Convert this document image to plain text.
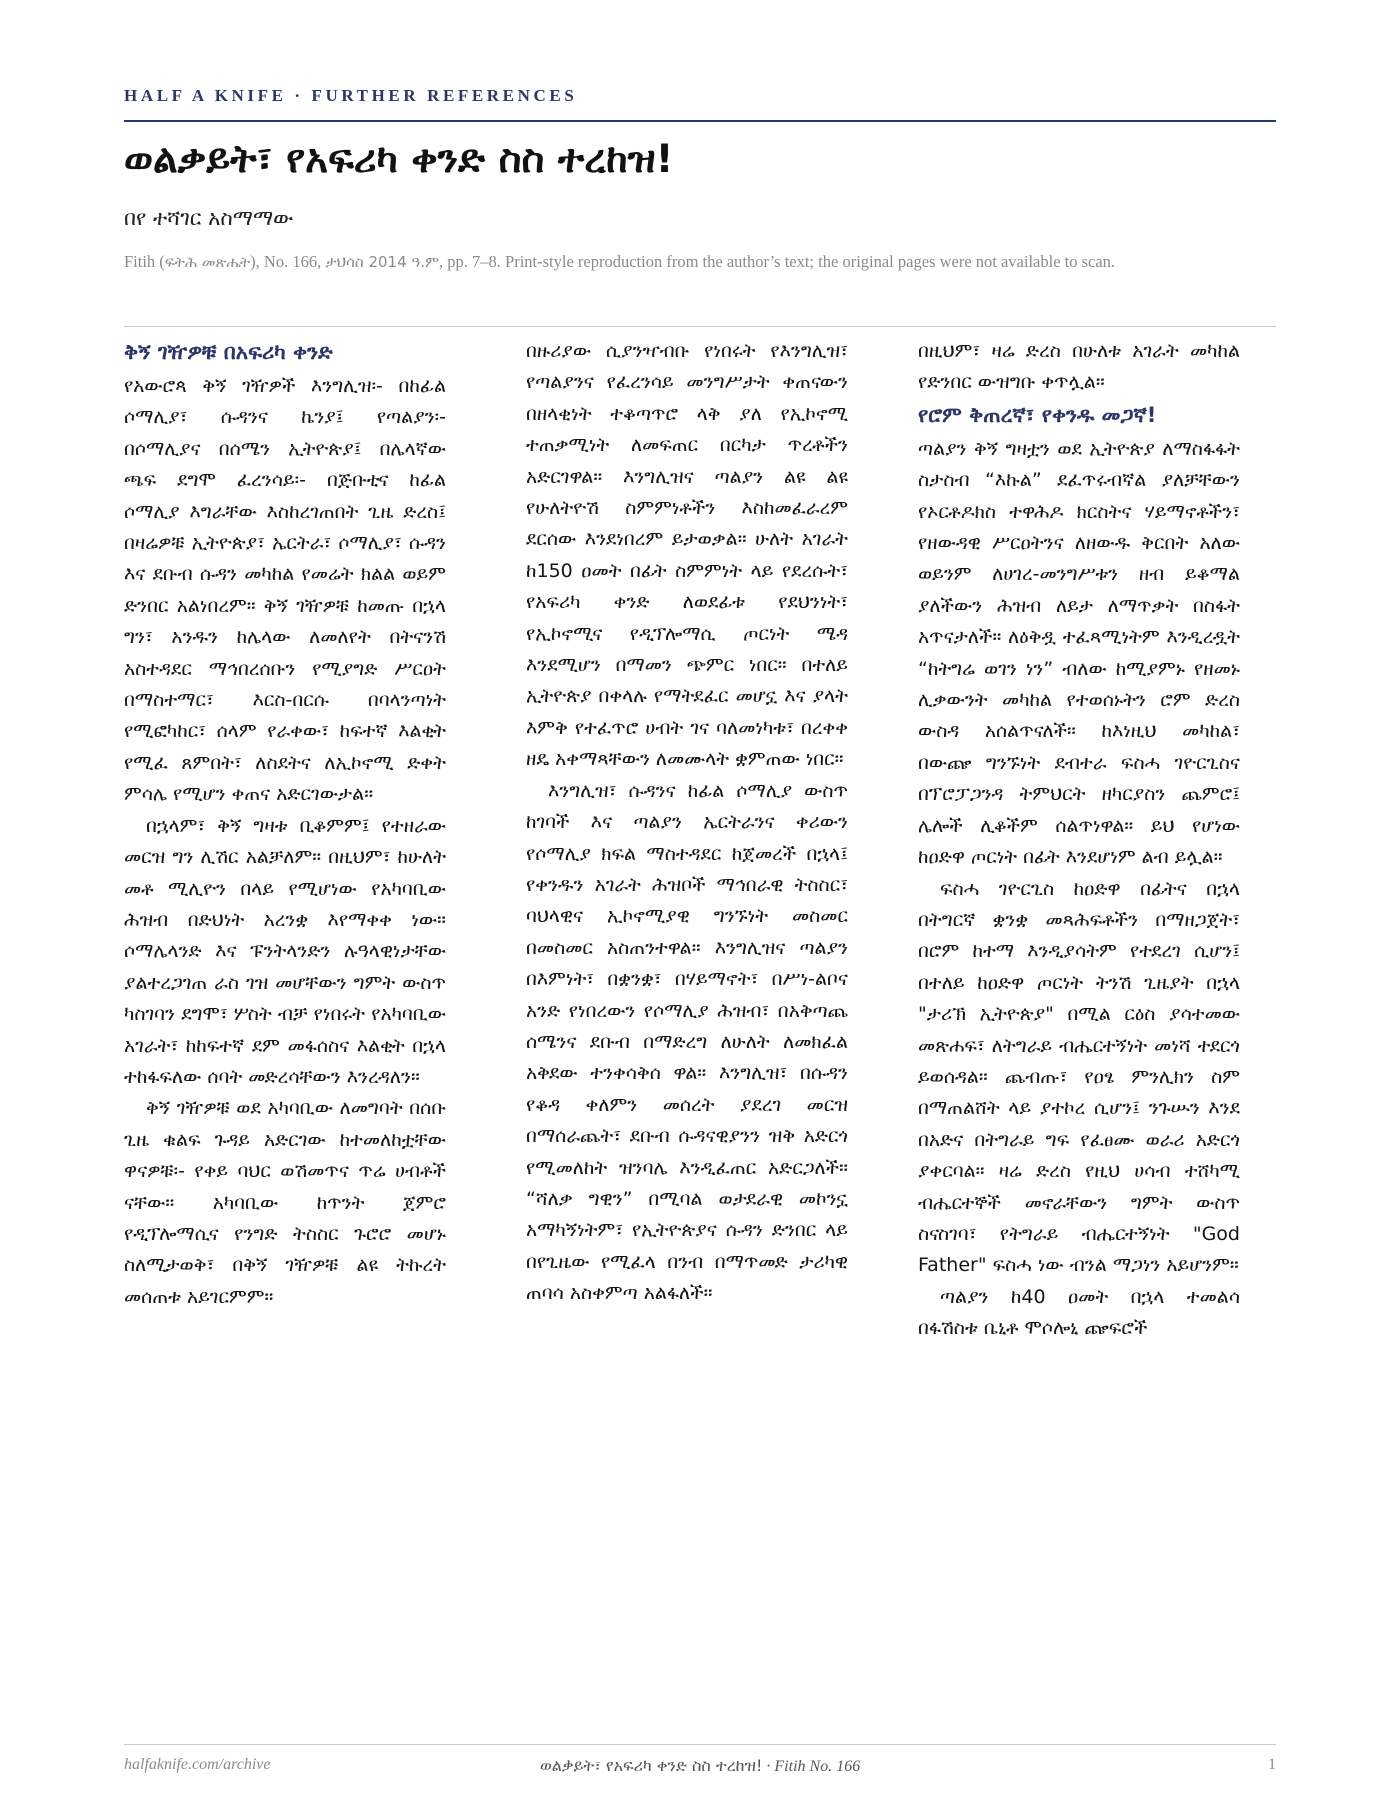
HALF A KNIFE · FURTHER REFERENCES
ወልቃይት፣ የአፍሪካ ቀንድ ስስ ተረከዝ!
በየ ተሻገር አስማማው
Fitih (ፍትሕ መጽሔት), No. 166, ታህሳስ 2014 ዓ.ም, pp. 7–8. Print-style reproduction from the author’s text; the original pages were not available to scan.
ቅኝ ገዥዎቹ በአፍሪካ ቀንድ

የአውሮጳ ቅኝ ገዥዎች እንግሊዝ፡- በከፊል ሶማሊያ፣ ሱዳንና ኬንያ፤ የጣልያን፡- በሶማሊያና በሰሜን ኢትዮጵያ፤ በሌላኛው ጫፍ ደግሞ ፈረንሳይ፡- በጅቡቲና ከፊል ሶማሊያ እግራቸው እስከረገጠበት ጊዜ ድረስ፤ በዛሬዎቹ ኢትዮጵያ፣ ኤርትራ፣ ሶማሊያ፣ ሱዳን እና ደቡብ ሱዳን መካከል የመሬት ክልል ወይም ድንበር አልነበረም። ቅኝ ገዥዎቹ ከመጡ በኋላ ግን፣ አንዱን ከሌላው ለመለየት በትናንሽ አስተዳደር ማኅበረሰቡን የሚያግድ ሥርዐት በማስተማር፣ እርስ-በርሱ በባላንጣነት የሚፎካከር፣ ሰላም የራቀው፣ ከፍተኛ እልቂት የሚፈ ጸምበት፣ ለስደትና ለኢኮኖሚ ድቀት ምሳሌ የሚሆን ቀጠና አድርገውታል።

በኋላም፣ ቅኝ ግዛቱ ቢቆምም፤ የተዘራው መርዝ ግን ሊሽር አልቻለም። በዚህም፣ ከሁለት መቶ ሚሊዮን በላይ የሚሆነው የአካባቢው ሕዝብ በድህነት አረንቋ እየማቀቀ ነው። ሶማሌላንድ እና ፑንትላንድን ሉዓላዊነታቸው ያልተረጋገጠ ራስ ገዝ መሆቸውን ግምት ውስጥ ካስገባን ደግሞ፣ ሦስት ብቻ የነበሩት የአካባቢው አገራት፣ ከከፍተኛ ደም መፋሰስና እልቂት በኋላ ተከፋፍለው ሰባት መድረሳቸውን እንረዳለን።

ቅኝ ገዥዎቹ ወደ አካባቢው ለመግባት በሰቡ ጊዜ ቁልፍ ጉዳይ አድርገው ከተመለከቷቸው ዋናዎቹ፡- የቀይ ባህር ወሽመጥና ጥሬ ሀብቶች ናቸው። አካባቢው ከጥንት ጀምሮ የዲፕሎማሲና የንግድ ትስስር ጉሮሮ መሆኑ ስለሚታወቅ፣ በቅኝ ገዥዎቹ ልዩ ትኩረት መሰጠቱ አይገርምም።

በዙሪያው ሲያንዣብቡ የነበሩት የእንግሊዝ፣ የጣልያንና የፈረንሳይ መንግሥታት ቀጠናውን በዘላቂነት ተቆጣጥሮ ላቅ ያለ የኢኮኖሚ ተጠቃሚነት ለመፍጠር በርካታ ጥረቶችን አድርገዋል። እንግሊዝና ጣልያን ልዩ ልዩ የሁለትዮሽ ስምምነቶችን እስከመፈራረም ደርሰው እንደነበረም ይታወቃል። ሁለት አገራት ከ150 ዐመት በፊት ስምምነት ላይ የደረሱት፣ የአፍሪካ ቀንድ ለወደፊቱ የደህንነት፣ የኢኮኖሚና የዲፕሎማሲ ጦርነት ሜዳ እንደሚሆን በማመን ጭምር ነበር። በተለይ ኢትዮጵያ በቀላሉ የማትደፈር መሆኗ እና ያላት እምቅ የተፈጥሮ ሀብት ገና ባለመነካቱ፣ በረቀቀ ዘዴ አቀማጻቸውን ለመሙላት ቋምጠው ነበር።

እንግሊዝ፣ ሱዳንና ከፊል ሶማሊያ ውስጥ ከገባች እና ጣልያን ኤርትራንና ቀሪውን የሶማሊያ ክፍል ማስተዳደር ከጀመረች በኋላ፤ የቀንዱን አገራት ሕዝቦች ማኅበራዊ ትስስር፣ ባህላዊና ኢኮኖሚያዊ ግንኙነት መስመር በመስመር አስጠንተዋል። እንግሊዝና ጣልያን በእምነት፣ በቋንቋ፣ በሃይማኖት፣ በሥነ-ልቦና አንድ የነበረውን የሶማሊያ ሕዝብ፣ በአቅጣጨ ሰሜንና ደቡብ በማድረግ ለሁለት ለመክፈል አቅደው ተንቀሳቅሰ ዋል። እንግሊዝ፣ በሱዳን የቆዳ ቀለምን መሰረት ያደረገ መርዝ በማሰራጨት፣ ደቡብ ሱዳናዊያንን ዝቅ አድርጎ የሚመለከት ዝንባሌ እንዲፈጠር አድርጋለች። “ሻለቃ ግዊን” በሚባል ወታደራዊ መኮንኗ አማካኝነትም፣ የኢትዮጵያና ሱዳን ድንበር ላይ በየጊዜው የሚፈላ በንብ በማጥመድ ታሪካዊ ጠባሳ አስቀምጣ አልፋለች።

በዚህም፣ ዛሬ ድረስ በሁለቱ አገራት መካከል የድንበር ውዝግቡ ቀጥሏል።

የሮም ቅጠረኛ፣ የቀንዱ መጋኛ!

ጣልያን ቅኝ ግዛቷን ወደ ኢትዮጵያ ለማስፋፋት ስታስብ “እኩል” ደፈጥሩብኛል ያለቻቸውን የኦርቶዶክስ ተዋሕዶ ክርስትና ሃይማኖቶችን፣ የዘውዳዊ ሥርዐትንና ለዘውዱ ቅርበት አለው ወይንም ለሀገረ-መንግሥቱን ዘብ ይቆማል ያለችውን ሕዝብ ለይታ ለማጥቃት በስፋት አጥናታለች። ለዕቅዷ ተፈጻሚነትም እንዲረዷት “ከትግሬ ወገን ነን” ብለው ከሚያምኑ የዘመኑ ሊቃውንት መካከል የተወሰኑትን ሮም ድረስ ውስዳ አሰልጥናለች። ከእነዚህ መካከል፣ በውጬ ግንኙነት ደብተራ ፍስሓ ገዮርጊስና በፕሮፓጋንዳ ትምህርት ዘካርያስን ጨምሮ፤ ሌሎች ሊቆችም ሰልጥነዋል። ይህ የሆነው ከዐድዋ ጦርነት በፊት እንደሆነም ልብ ይሏል።

ፍስሓ ገዮርጊስ ከዐድዋ በፊትና በኋላ በትግርኛ ቋንቋ መጻሕፍቶችን በማዘጋጀት፣ በሮም ከተማ እንዲያሳትም የተደረገ ሲሆን፤ በተለይ ከዐድዋ ጦርነት ትንሽ ጊዜያት በኋላ "ታሪኽ ኢትዮጵያ" በሚል ርዕስ ያሳተመው መጽሐፍ፣ ለትግራይ ብሔርተኝነት መነሻ ተደርጎ ይወሰዳል። ጨብጡ፣ የዐፄ ምንሊክን ስም በማጠልሸት ላይ ያተኮረ ሲሆን፤ ንጉሡን እንደ በአድና በትግራይ ግፍ የፈፀሙ ወራሪ አድርጎ ያቀርባል። ዛሬ ድረስ የዚህ ሀሳብ ተሸካሚ ብሔርተኞች መኖራቸውን ግምት ውስጥ ስናስገባ፣ የትግራይ ብሔርተኝነት "God Father" ፍስሓ ነው ብንል ማጋነን አይሆንም።

ጣልያን ከ40 ዐመት በኋላ ተመልሳ በፋሽስቱ ቤኒቶ ሞሶሎኒ ጬፍሮች

halfaknife.com/archive	ወልቃይት፣ የአፍሪካ ቀንድ ስስ ተረከዝ! · Fitih No. 166	1
